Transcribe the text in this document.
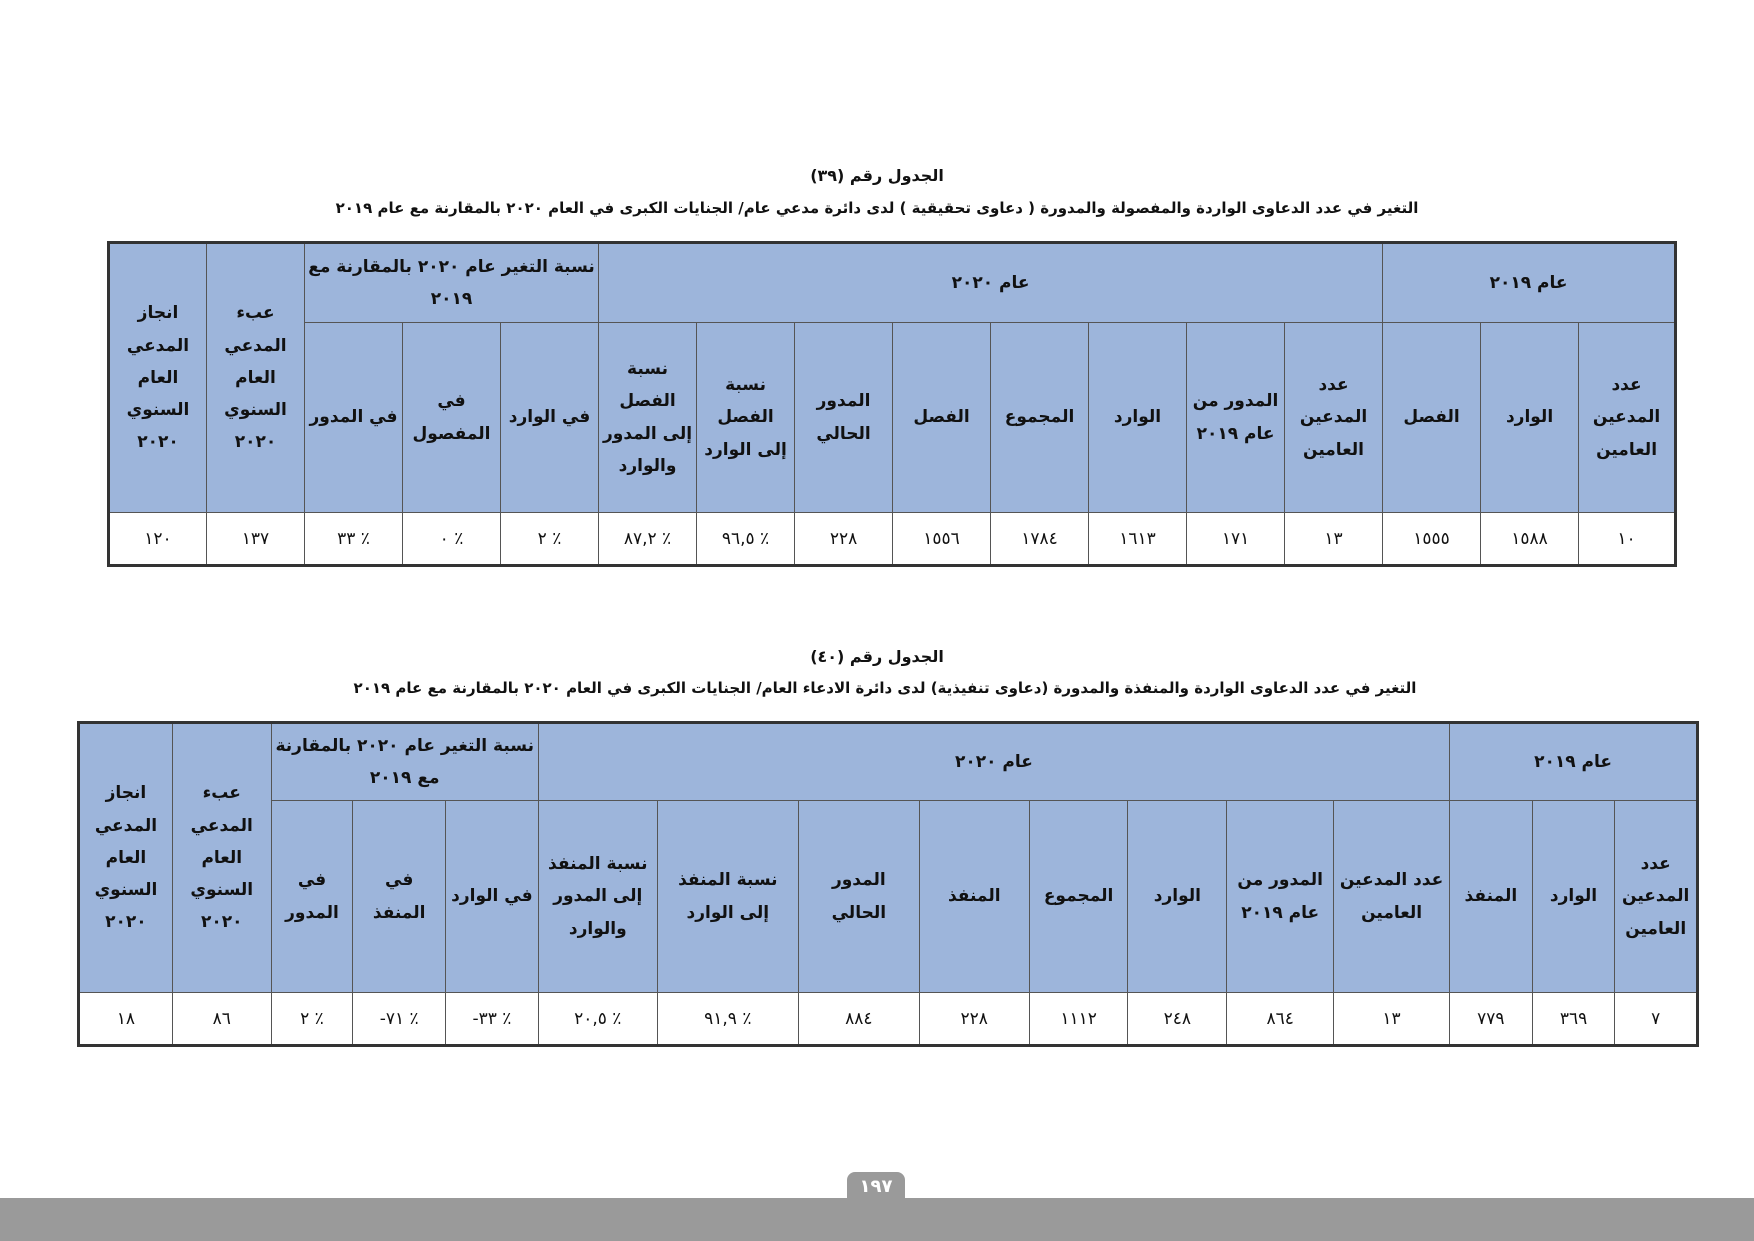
الجدول رقم (٣٩)
التغير في عدد الدعاوى الواردة والمفصولة والمدورة ( دعاوى تحقيقية ) لدى دائرة مدعي عام/ الجنايات الكبرى في العام ٢٠٢٠ بالمقارنة مع عام ٢٠١٩
عام ٢٠١٩			عام ٢٠٢٠								نسبة التغير عام ٢٠٢٠ بالمقارنة مع ٢٠١٩			عبء المدعي العام السنوي ٢٠٢٠	انجاز المدعي العام السنوي ٢٠٢٠
عدد المدعين العامين	الوارد	الفصل	عدد المدعين العامين	المدور من عام ٢٠١٩	الوارد	المجموع	الفصل	المدور الحالي	نسبة الفصل إلى الوارد	نسبة الفصل إلى المدور والوارد	في الوارد	في المفصول	في المدور		
١٠	١٥٨٨	١٥٥٥	١٣	١٧١	١٦١٣	١٧٨٤	١٥٥٦	٢٢٨	٪ ٩٦,٥	٪ ٨٧,٢	٪ ٢	٪ ٠	٪ ٣٣	١٣٧	١٢٠
الجدول رقم (٤٠)
التغير في عدد الدعاوى الواردة والمنفذة والمدورة (دعاوى تنفيذية) لدى دائرة الادعاء العام/ الجنايات الكبرى في العام ٢٠٢٠ بالمقارنة مع عام ٢٠١٩
عام ٢٠١٩			عام ٢٠٢٠								نسبة التغير عام ٢٠٢٠ بالمقارنة مع ٢٠١٩			عبء المدعي العام السنوي ٢٠٢٠	انجاز المدعي العام السنوي ٢٠٢٠
عدد المدعين العامين	الوارد	المنفذ	عدد المدعين العامين	المدور من عام ٢٠١٩	الوارد	المجموع	المنفذ	المدور الحالي	نسبة المنفذ إلى الوارد	نسبة المنفذ إلى المدور والوارد	في الوارد	في المنفذ	في المدور		
٧	٣٦٩	٧٧٩	١٣	٨٦٤	٢٤٨	١١١٢	٢٢٨	٨٨٤	٪ ٩١,٩	٪ ٢٠,٥	٪ ٣٣-	٪ ٧١-	٪ ٢	٨٦	١٨
١٩٧
